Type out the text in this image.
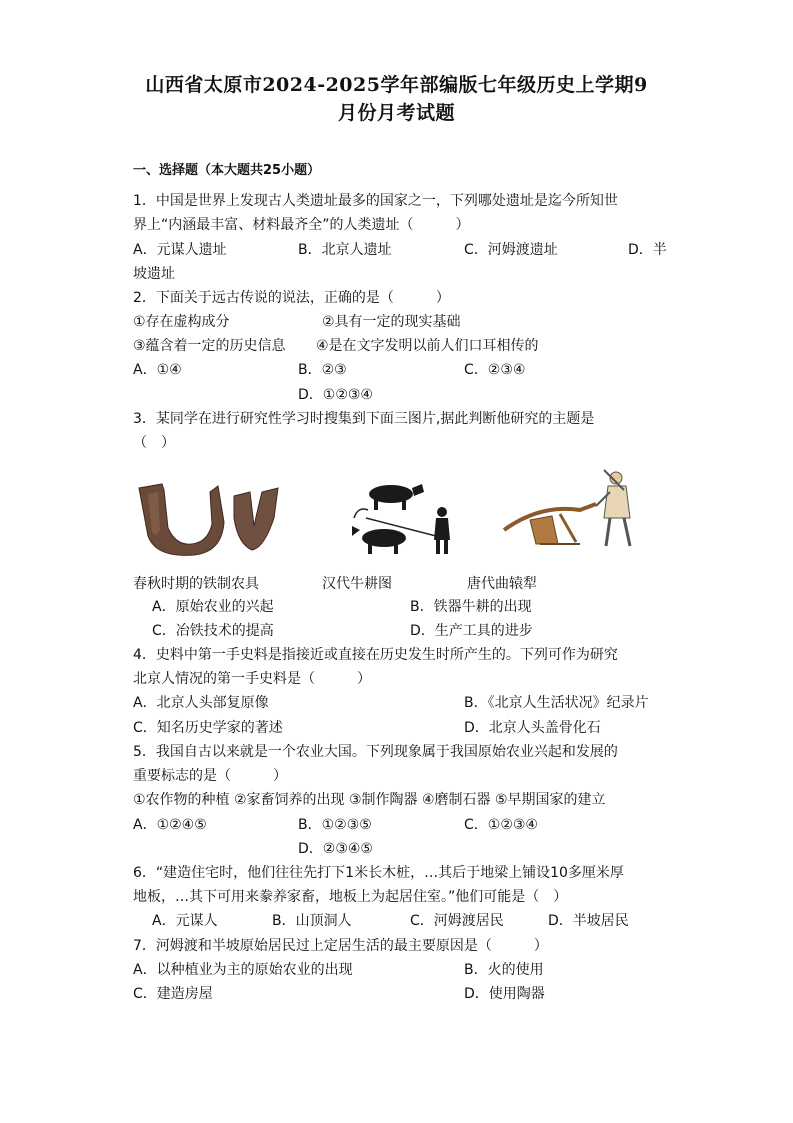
山西省太原市2024-2025学年部编版七年级历史上学期9
月份月考试题
一、选择题（本大题共25小题）
1．中国是世界上发现古人类遗址最多的国家之一，下列哪处遗址是迄今所知世
界上“内涵最丰富、材料最齐全”的人类遗址（　　　）
A．元谋人遗址	B．北京人遗址	C．河姆渡遗址	D．半
坡遗址
2．下面关于远古传说的说法，正确的是（　　　）
①存在虚构成分	②具有一定的现实基础
③蕴含着一定的历史信息 ④是在文字发明以前人们口耳相传的
A．①④	B．②③	C．②③④
D．①②③④
3．某同学在进行研究性学习时搜集到下面三图片,据此判断他研究的主题是
（　）
春秋时期的铁制农具	汉代牛耕图	唐代曲辕犁
A．原始农业的兴起	B．铁器牛耕的出现
C．冶铁技术的提高	D．生产工具的进步
4．史料中第一手史料是指接近或直接在历史发生时所产生的。下列可作为研究
北京人情况的第一手史料是（　　　）
A．北京人头部复原像	B．《北京人生活状况》纪录片
C．知名历史学家的著述	D．北京人头盖骨化石
5．我国自古以来就是一个农业大国。下列现象属于我国原始农业兴起和发展的
重要标志的是（　　　）
①农作物的种植 ②家畜饲养的出现 ③制作陶器 ④磨制石器 ⑤早期国家的建立
A．①②④⑤	B．①②③⑤	C．①②③④
D．②③④⑤
6．“建造住宅时，他们往往先打下1米长木桩，…其后于地梁上铺设10多厘米厚
地板，…其下可用来豢养家畜，地板上为起居住室。”他们可能是（　）
A．元谋人	B．山顶洞人	C．河姆渡居民	D．半坡居民
7．河姆渡和半坡原始居民过上定居生活的最主要原因是（　　　）
A．以种植业为主的原始农业的出现	B．火的使用
C．建造房屋	D．使用陶器
